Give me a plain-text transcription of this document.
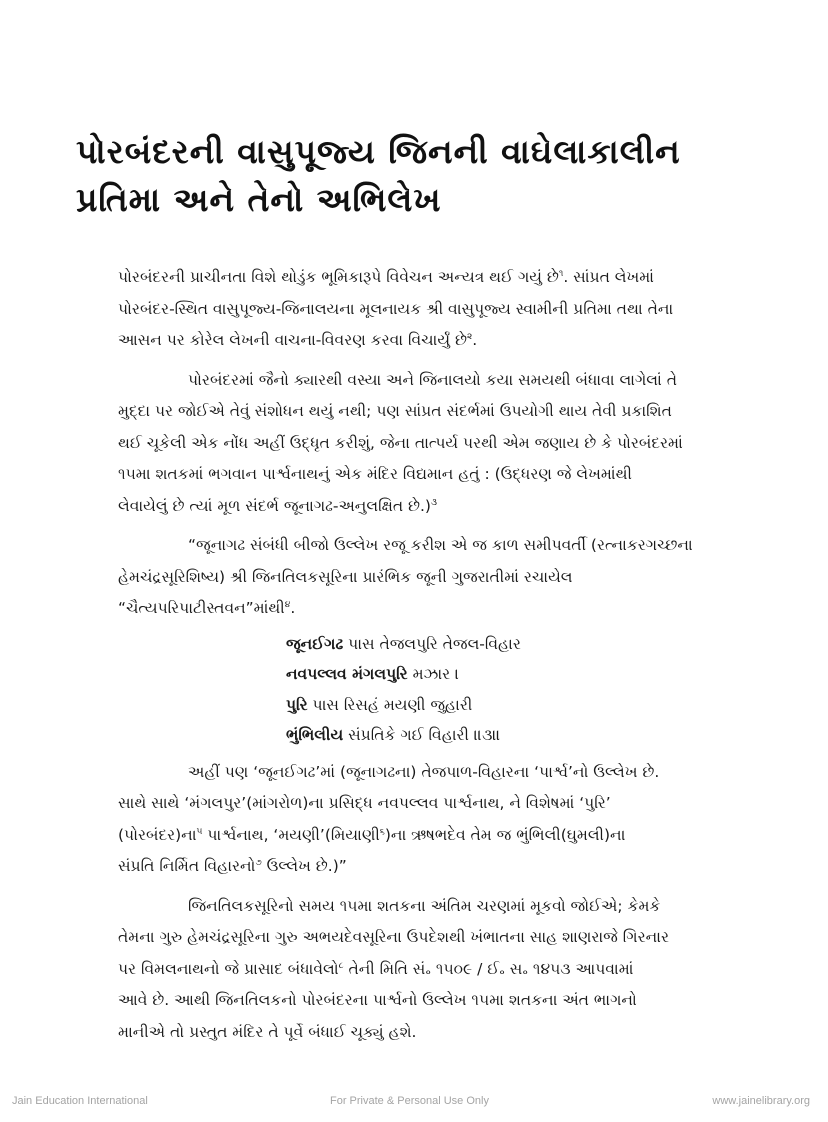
પોરબંદરની વાસુપૂજ્ય જિનની વાઘેલાકાલીન
પ્રતિમા અને તેનો અભિલેખ

પોરબંદરની પ્રાચીનતા વિશે થોડુંક ભૂમિકારૂપે વિવેચન અન્યત્ર થઈ ગયું છે$^૧$. સાંપ્રત લેખમાં
પોરબંદર-સ્થિત વાસુપૂજ્ય-જિનાલયના મૂલનાયક શ્રી વાસુપૂજ્ય સ્વામીની પ્રતિમા તથા તેના
આસન પર કોરેલ લેખની વાચના-વિવરણ કરવા વિચાર્યું છે$^૨$.

પોરબંદરમાં જૈનો ક્યારથી વસ્યા અને જિનાલયો કયા સમયથી બંધાવા લાગેલાં તે
મુદ્દા પર જોઈએ તેવું સંશોધન થયું નથી; પણ સાંપ્રત સંદર્ભમાં ઉપયોગી થાય તેવી પ્રકાશિત
થઈ ચૂકેલી એક નોંધ અહીં ઉદ્ધૃત કરીશું, જેના તાત્પર્ય પરથી એમ જણાય છે કે પોરબંદરમાં
૧૫મા શતકમાં ભગવાન પાર્શ્વનાથનું એક મંદિર વિદ્યમાન હતું : (ઉદ્ધરણ જે લેખમાંથી
લેવાયેલું છે ત્યાં મૂળ સંદર્ભ જૂનાગઢ-અનુલક્ષિત છે.)$^૩$

“જૂનાગઢ સંબંધી બીજો ઉલ્લેખ રજૂ કરીશ એ જ કાળ સમીપવર્તી (રત્નાકરગચ્છના
હેમચંદ્રસૂરિશિષ્ય) શ્રી જિનતિલકસૂરિના પ્રારંભિક જૂની ગુજરાતીમાં રચાયેલ
“ચૈત્યપરિપાટીસ્તવન”માંથી$^૪$.

જૂનઈગઢ પાસ તેજલપુરિ તેજલ-વિહાર
નવપલ્લવ મંગલપુરિ મઝાર ।
પુરિ પાસ રિસહં મયણી જુહારી
ભુંભિલીય સંપ્રતિકે ગઈ વિહારી ॥૩॥

અહીં પણ ‘જૂનઈગઢ’માં (જૂનાગઢના) તેજપાળ-વિહારના ‘પાર્શ્વ’નો ઉલ્લેખ છે.
સાથે સાથે ‘મંગલપુર’(માંગરોળ)ના પ્રસિદ્ધ નવપલ્લવ પાર્શ્વનાથ, ને વિશેષમાં ‘પુરિ’
(પોરબંદર)ના$^૫$ પાર્શ્વનાથ, ‘મયણી’(મિયાણી$^૬$)ના ઋષભદેવ તેમ જ ભુંભિલી(ઘુમલી)ના
સંપ્રતિ નિર્મિત વિહારનો$^૭$ ઉલ્લેખ છે.)”

જિનતિલકસૂરિનો સમય ૧૫મા શતકના અંતિમ ચરણમાં મૂકવો જોઈએ; કેમકે
તેમના ગુરુ હેમચંદ્રસૂરિના ગુરુ અભયદેવસૂરિના ઉપદેશથી ખંભાતના સાહ શાણરાજે ગિરનાર
પર વિમલનાથનો જે પ્રાસાદ બંધાવેલો$^૮$ તેની મિતિ સં૰ ૧૫૦૯ / ઈ૰ સ૰ ૧૪૫૩ આપવામાં
આવે છે. આથી જિનતિલકનો પોરબંદરના પાર્શ્વનો ઉલ્લેખ ૧૫મા શતકના અંત ભાગનો
માનીએ તો પ્રસ્તુત મંદિર તે પૂર્વે બંધાઈ ચૂક્યું હશે.

Jain Education International	For Private & Personal Use Only	www.jainelibrary.org
